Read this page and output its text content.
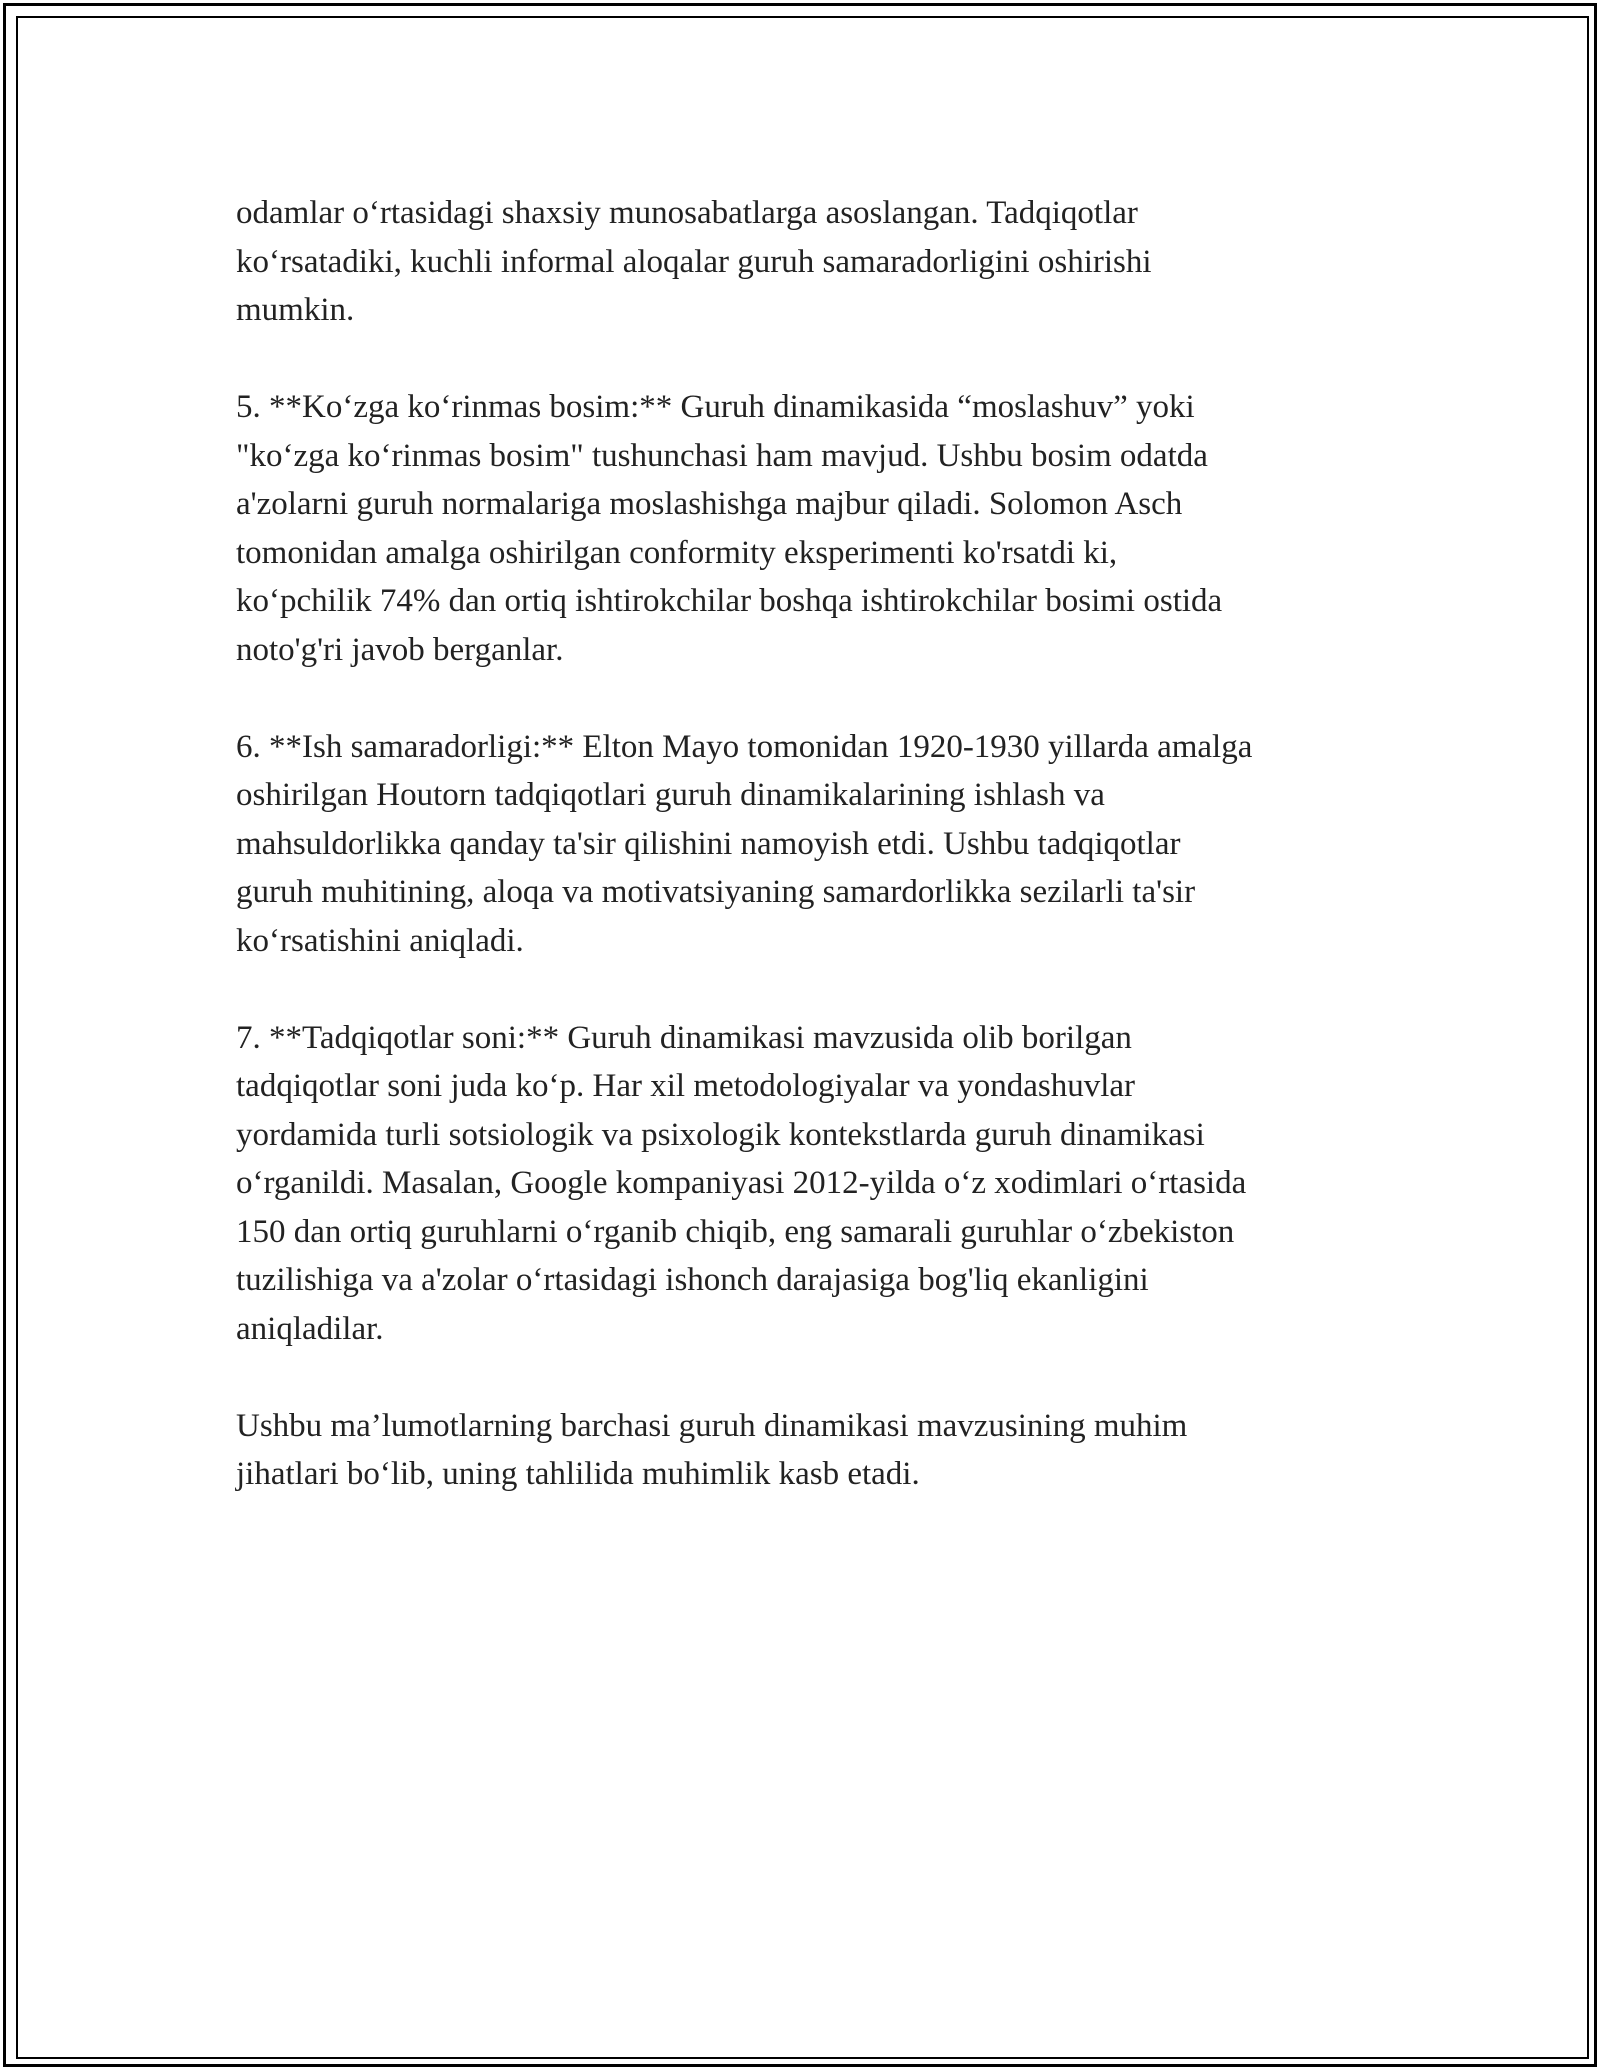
odamlar o‘rtasidagi shaxsiy munosabatlarga asoslangan. Tadqiqotlar
ko‘rsatadiki, kuchli informal aloqalar guruh samaradorligini oshirishi
mumkin.

5. **Ko‘zga ko‘rinmas bosim:** Guruh dinamikasida “moslashuv” yoki
"ko‘zga ko‘rinmas bosim" tushunchasi ham mavjud. Ushbu bosim odatda
a'zolarni guruh normalariga moslashishga majbur qiladi. Solomon Asch
tomonidan amalga oshirilgan conformity eksperimenti ko'rsatdi ki,
ko‘pchilik 74% dan ortiq ishtirokchilar boshqa ishtirokchilar bosimi ostida
noto'g'ri javob berganlar.

6. **Ish samaradorligi:** Elton Mayo tomonidan 1920-1930 yillarda amalga
oshirilgan Houtorn tadqiqotlari guruh dinamikalarining ishlash va
mahsuldorlikka qanday ta'sir qilishini namoyish etdi. Ushbu tadqiqotlar
guruh muhitining, aloqa va motivatsiyaning samardorlikka sezilarli ta'sir
ko‘rsatishini aniqladi.

7. **Tadqiqotlar soni:** Guruh dinamikasi mavzusida olib borilgan
tadqiqotlar soni juda ko‘p. Har xil metodologiyalar va yondashuvlar
yordamida turli sotsiologik va psixologik kontekstlarda guruh dinamikasi
o‘rganildi. Masalan, Google kompaniyasi 2012-yilda o‘z xodimlari o‘rtasida
150 dan ortiq guruhlarni o‘rganib chiqib, eng samarali guruhlar o‘zbekiston
tuzilishiga va a'zolar o‘rtasidagi ishonch darajasiga bog'liq ekanligini
aniqladilar.

Ushbu ma’lumotlarning barchasi guruh dinamikasi mavzusining muhim
jihatlari bo‘lib, uning tahlilida muhimlik kasb etadi.
